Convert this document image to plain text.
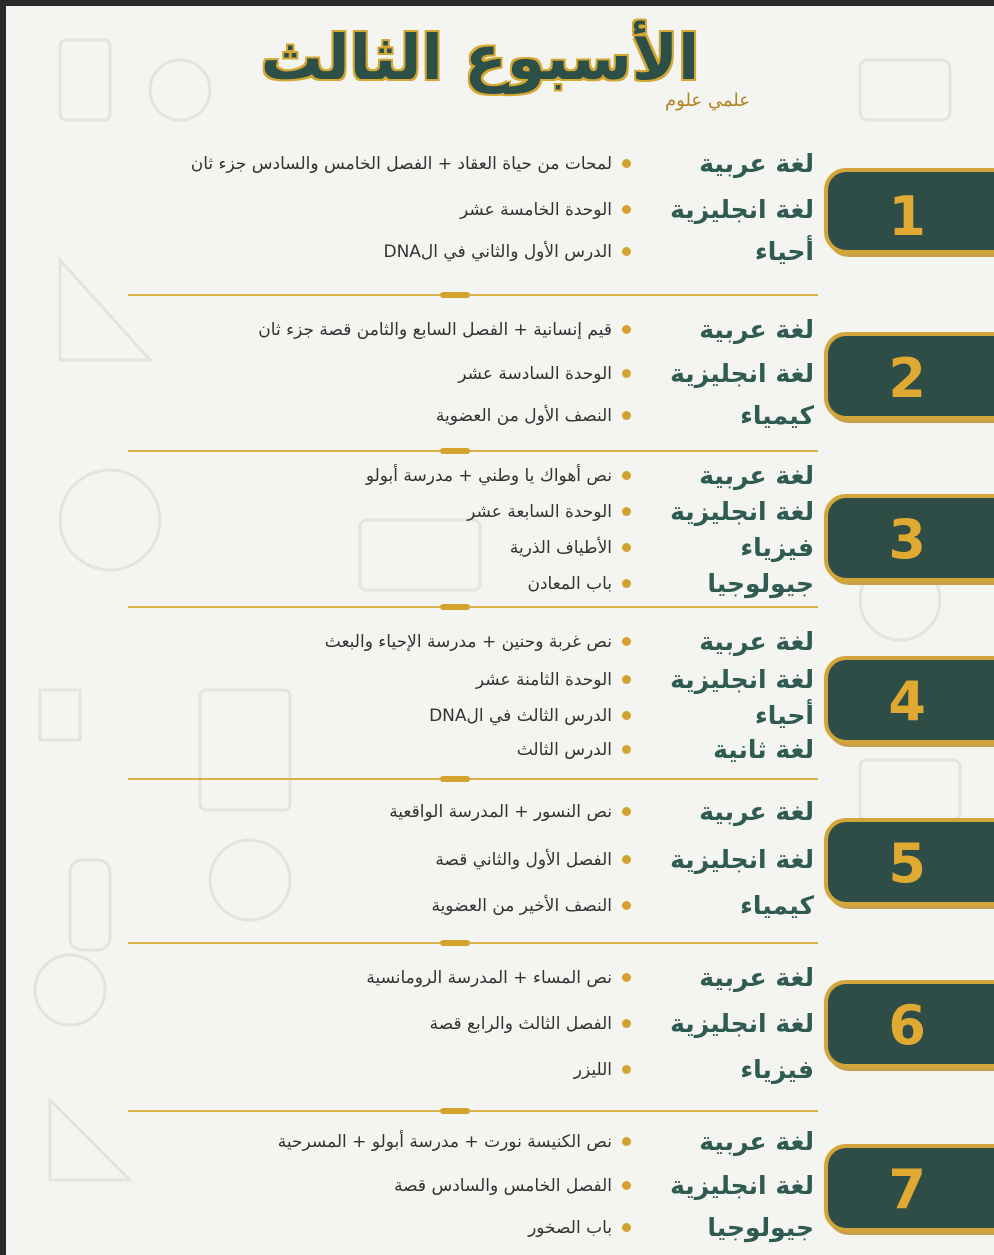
الأسبوع الثالث
علمي علوم
1
لغة عربية
لمحات من حياة العقاد + الفصل الخامس والسادس جزء ثان
لغة انجليزية
الوحدة الخامسة عشر
أحياء
الدرس الأول والثاني في الDNA
2
لغة عربية
قيم إنسانية + الفصل السابع والثامن قصة جزء ثان
لغة انجليزية
الوحدة السادسة عشر
كيمياء
النصف الأول من العضوية
3
لغة عربية
نص أهواك يا وطني + مدرسة أبولو
لغة انجليزية
الوحدة السابعة عشر
فيزياء
الأطياف الذرية
جيولوجيا
باب المعادن
4
لغة عربية
نص غربة وحنين + مدرسة الإحياء والبعث
لغة انجليزية
الوحدة الثامنة عشر
أحياء
الدرس الثالث في الDNA
لغة ثانية
الدرس الثالث
5
لغة عربية
نص النسور + المدرسة الواقعية
لغة انجليزية
الفصل الأول والثاني قصة
كيمياء
النصف الأخير من العضوية
6
لغة عربية
نص المساء + المدرسة الرومانسية
لغة انجليزية
الفصل الثالث والرابع قصة
فيزياء
الليزر
7
لغة عربية
نص الكنيسة نورت + مدرسة أبولو + المسرحية
لغة انجليزية
الفصل الخامس والسادس قصة
جيولوجيا
باب الصخور
